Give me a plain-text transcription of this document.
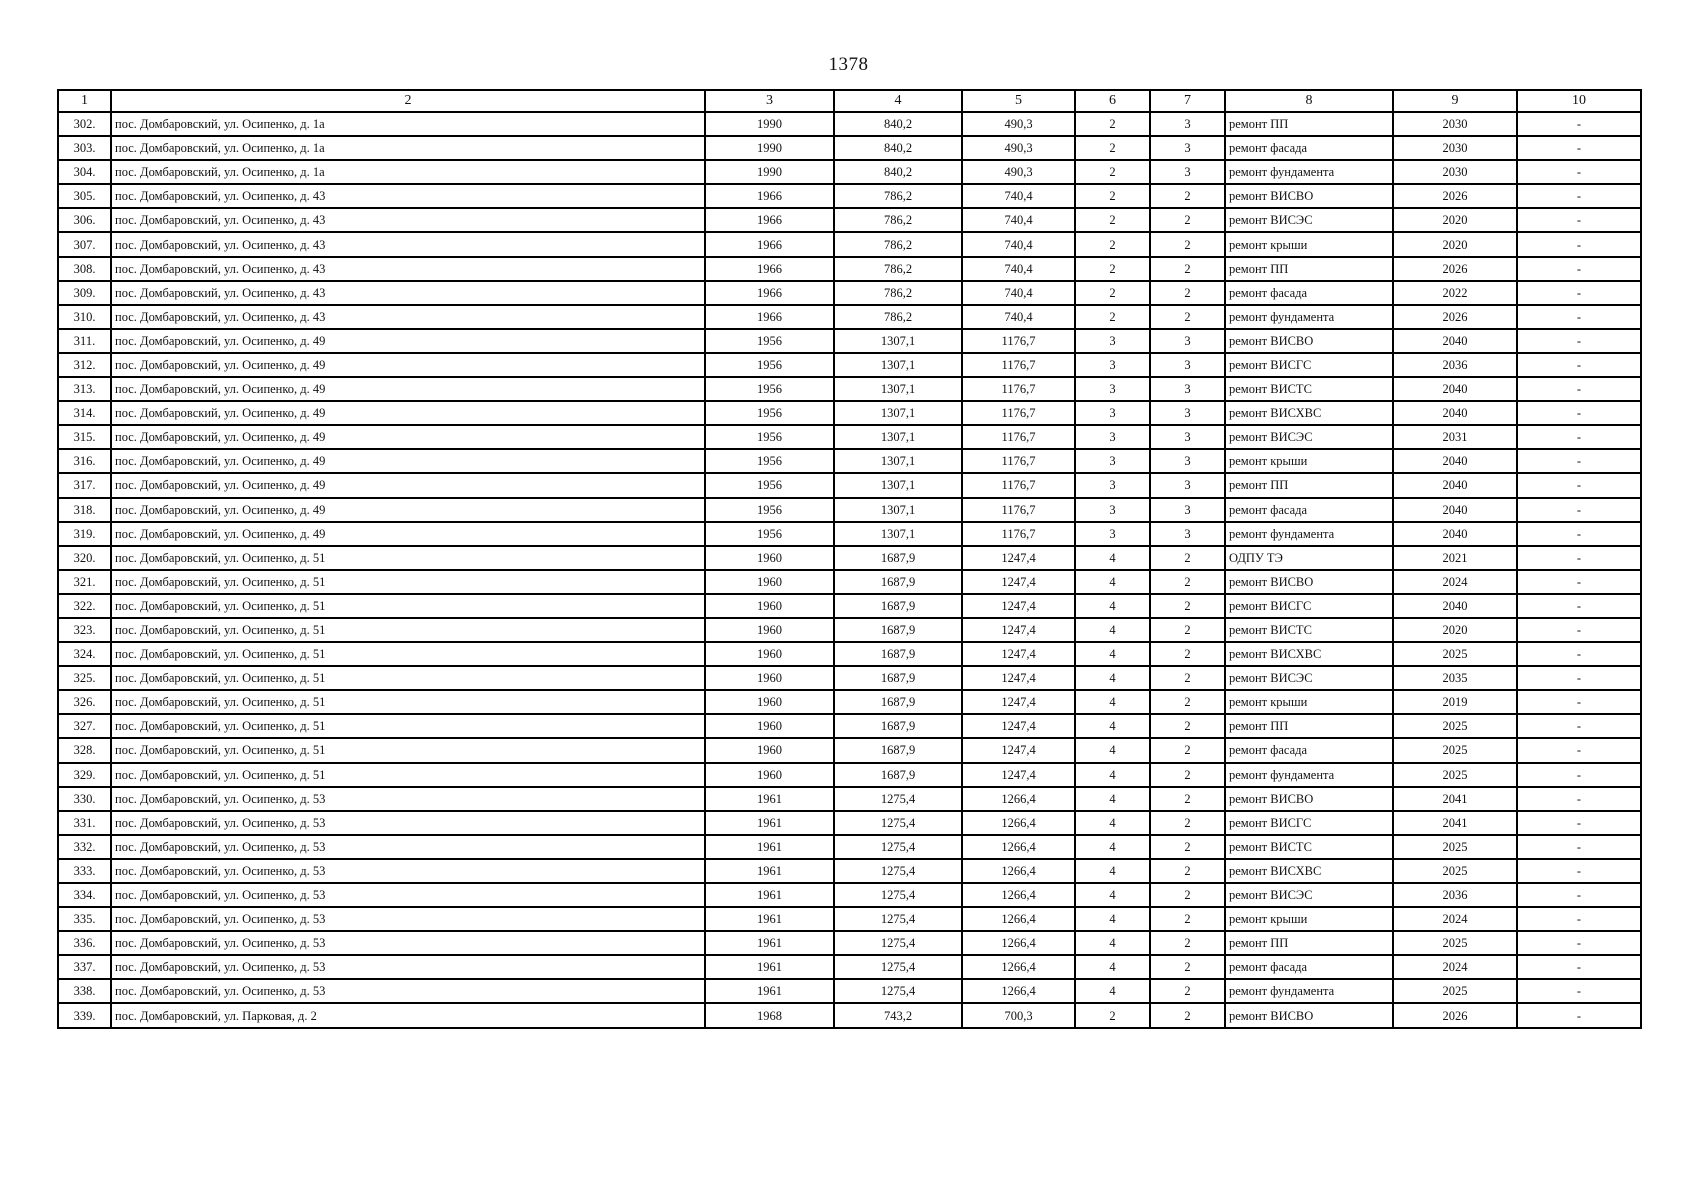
1378
1	2	3	4	5	6	7	8	9	10
302.	пос. Домбаровский, ул. Осипенко, д. 1а	1990	840,2	490,3	2	3	ремонт ПП	2030	-
303.	пос. Домбаровский, ул. Осипенко, д. 1а	1990	840,2	490,3	2	3	ремонт фасада	2030	-
304.	пос. Домбаровский, ул. Осипенко, д. 1а	1990	840,2	490,3	2	3	ремонт фундамента	2030	-
305.	пос. Домбаровский, ул. Осипенко, д. 43	1966	786,2	740,4	2	2	ремонт ВИСВО	2026	-
306.	пос. Домбаровский, ул. Осипенко, д. 43	1966	786,2	740,4	2	2	ремонт ВИСЭС	2020	-
307.	пос. Домбаровский, ул. Осипенко, д. 43	1966	786,2	740,4	2	2	ремонт крыши	2020	-
308.	пос. Домбаровский, ул. Осипенко, д. 43	1966	786,2	740,4	2	2	ремонт ПП	2026	-
309.	пос. Домбаровский, ул. Осипенко, д. 43	1966	786,2	740,4	2	2	ремонт фасада	2022	-
310.	пос. Домбаровский, ул. Осипенко, д. 43	1966	786,2	740,4	2	2	ремонт фундамента	2026	-
311.	пос. Домбаровский, ул. Осипенко, д. 49	1956	1307,1	1176,7	3	3	ремонт ВИСВО	2040	-
312.	пос. Домбаровский, ул. Осипенко, д. 49	1956	1307,1	1176,7	3	3	ремонт ВИСГС	2036	-
313.	пос. Домбаровский, ул. Осипенко, д. 49	1956	1307,1	1176,7	3	3	ремонт ВИСТС	2040	-
314.	пос. Домбаровский, ул. Осипенко, д. 49	1956	1307,1	1176,7	3	3	ремонт ВИСХВС	2040	-
315.	пос. Домбаровский, ул. Осипенко, д. 49	1956	1307,1	1176,7	3	3	ремонт ВИСЭС	2031	-
316.	пос. Домбаровский, ул. Осипенко, д. 49	1956	1307,1	1176,7	3	3	ремонт крыши	2040	-
317.	пос. Домбаровский, ул. Осипенко, д. 49	1956	1307,1	1176,7	3	3	ремонт ПП	2040	-
318.	пос. Домбаровский, ул. Осипенко, д. 49	1956	1307,1	1176,7	3	3	ремонт фасада	2040	-
319.	пос. Домбаровский, ул. Осипенко, д. 49	1956	1307,1	1176,7	3	3	ремонт фундамента	2040	-
320.	пос. Домбаровский, ул. Осипенко, д. 51	1960	1687,9	1247,4	4	2	ОДПУ ТЭ	2021	-
321.	пос. Домбаровский, ул. Осипенко, д. 51	1960	1687,9	1247,4	4	2	ремонт ВИСВО	2024	-
322.	пос. Домбаровский, ул. Осипенко, д. 51	1960	1687,9	1247,4	4	2	ремонт ВИСГС	2040	-
323.	пос. Домбаровский, ул. Осипенко, д. 51	1960	1687,9	1247,4	4	2	ремонт ВИСТС	2020	-
324.	пос. Домбаровский, ул. Осипенко, д. 51	1960	1687,9	1247,4	4	2	ремонт ВИСХВС	2025	-
325.	пос. Домбаровский, ул. Осипенко, д. 51	1960	1687,9	1247,4	4	2	ремонт ВИСЭС	2035	-
326.	пос. Домбаровский, ул. Осипенко, д. 51	1960	1687,9	1247,4	4	2	ремонт крыши	2019	-
327.	пос. Домбаровский, ул. Осипенко, д. 51	1960	1687,9	1247,4	4	2	ремонт ПП	2025	-
328.	пос. Домбаровский, ул. Осипенко, д. 51	1960	1687,9	1247,4	4	2	ремонт фасада	2025	-
329.	пос. Домбаровский, ул. Осипенко, д. 51	1960	1687,9	1247,4	4	2	ремонт фундамента	2025	-
330.	пос. Домбаровский, ул. Осипенко, д. 53	1961	1275,4	1266,4	4	2	ремонт ВИСВО	2041	-
331.	пос. Домбаровский, ул. Осипенко, д. 53	1961	1275,4	1266,4	4	2	ремонт ВИСГС	2041	-
332.	пос. Домбаровский, ул. Осипенко, д. 53	1961	1275,4	1266,4	4	2	ремонт ВИСТС	2025	-
333.	пос. Домбаровский, ул. Осипенко, д. 53	1961	1275,4	1266,4	4	2	ремонт ВИСХВС	2025	-
334.	пос. Домбаровский, ул. Осипенко, д. 53	1961	1275,4	1266,4	4	2	ремонт ВИСЭС	2036	-
335.	пос. Домбаровский, ул. Осипенко, д. 53	1961	1275,4	1266,4	4	2	ремонт крыши	2024	-
336.	пос. Домбаровский, ул. Осипенко, д. 53	1961	1275,4	1266,4	4	2	ремонт ПП	2025	-
337.	пос. Домбаровский, ул. Осипенко, д. 53	1961	1275,4	1266,4	4	2	ремонт фасада	2024	-
338.	пос. Домбаровский, ул. Осипенко, д. 53	1961	1275,4	1266,4	4	2	ремонт фундамента	2025	-
339.	пос. Домбаровский, ул. Парковая, д. 2	1968	743,2	700,3	2	2	ремонт ВИСВО	2026	-
